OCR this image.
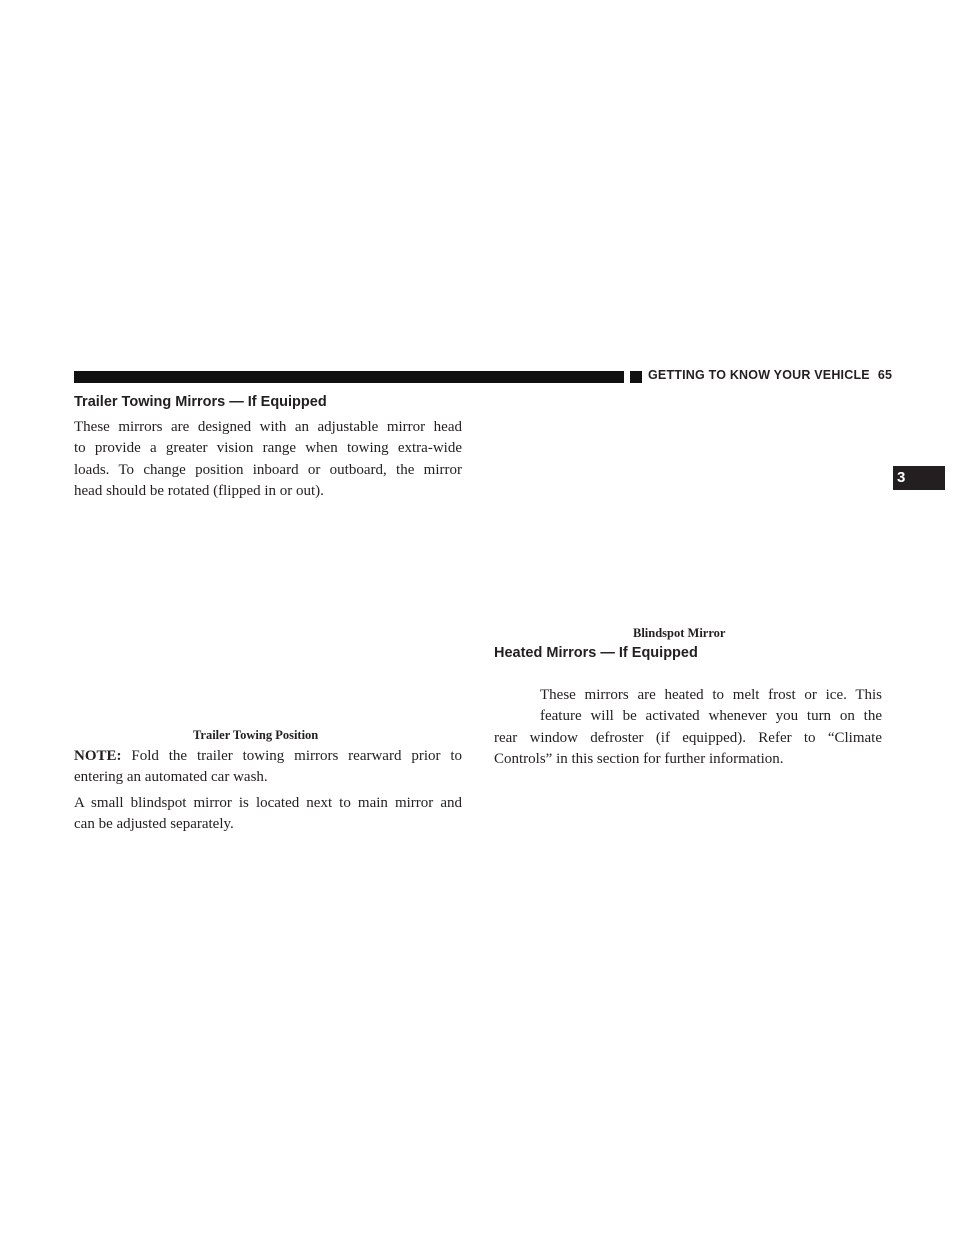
GETTING TO KNOW YOUR VEHICLE 65
3
Trailer Towing Mirrors — If Equipped
These mirrors are designed with an adjustable mirror head
to provide a greater vision range when towing extra-wide
loads. To change position inboard or outboard, the mirror
head should be rotated (flipped in or out).
Trailer Towing Position
NOTE: Fold the trailer towing mirrors rearward prior to
entering an automated car wash.
A small blindspot mirror is located next to main mirror and
can be adjusted separately.
Blindspot Mirror
Heated Mirrors — If Equipped
These mirrors are heated to melt frost or ice. This
feature will be activated whenever you turn on the
rear window defroster (if equipped). Refer to “Climate
Controls” in this section for further information.
